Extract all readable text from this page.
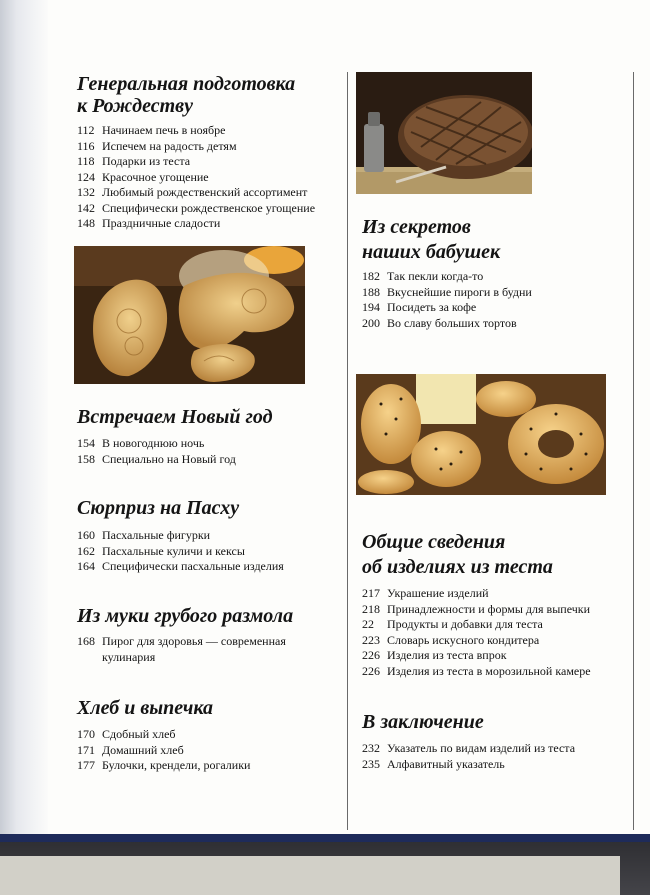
Генеральная подготовка
к Рождеству
112 Начинаем печь в ноябре
116 Испечем на радость детям
118 Подарки из теста
124 Красочное угощение
132 Любимый рождественский ассортимент
142 Специфически рождественское угощение
148 Праздничные сладости
Встречаем Новый год
154 В новогоднюю ночь
158 Специально на Новый год
Сюрприз на Пасху
160 Пасхальные фигурки
162 Пасхальные куличи и кексы
164 Специфически пасхальные изделия
Из муки грубого размола
168 Пирог для здоровья — современная кулинария
Хлеб и выпечка
170 Сдобный хлеб
171 Домашний хлеб
177 Булочки, крендели, рогалики
Из секретов
наших бабушек
182 Так пекли когда-то
188 Вкуснейшие пироги в будни
194 Посидеть за кофе
200 Во славу больших тортов
Общие сведения
об изделиях из теста
217 Украшение изделий
218 Принадлежности и формы для выпечки
22	Продукты и добавки для теста
223 Словарь искусного кондитера
226 Изделия из теста впрок
226 Изделия из теста в морозильной камере
В заключение
232 Указатель по видам изделий из теста
235 Алфавитный указатель
